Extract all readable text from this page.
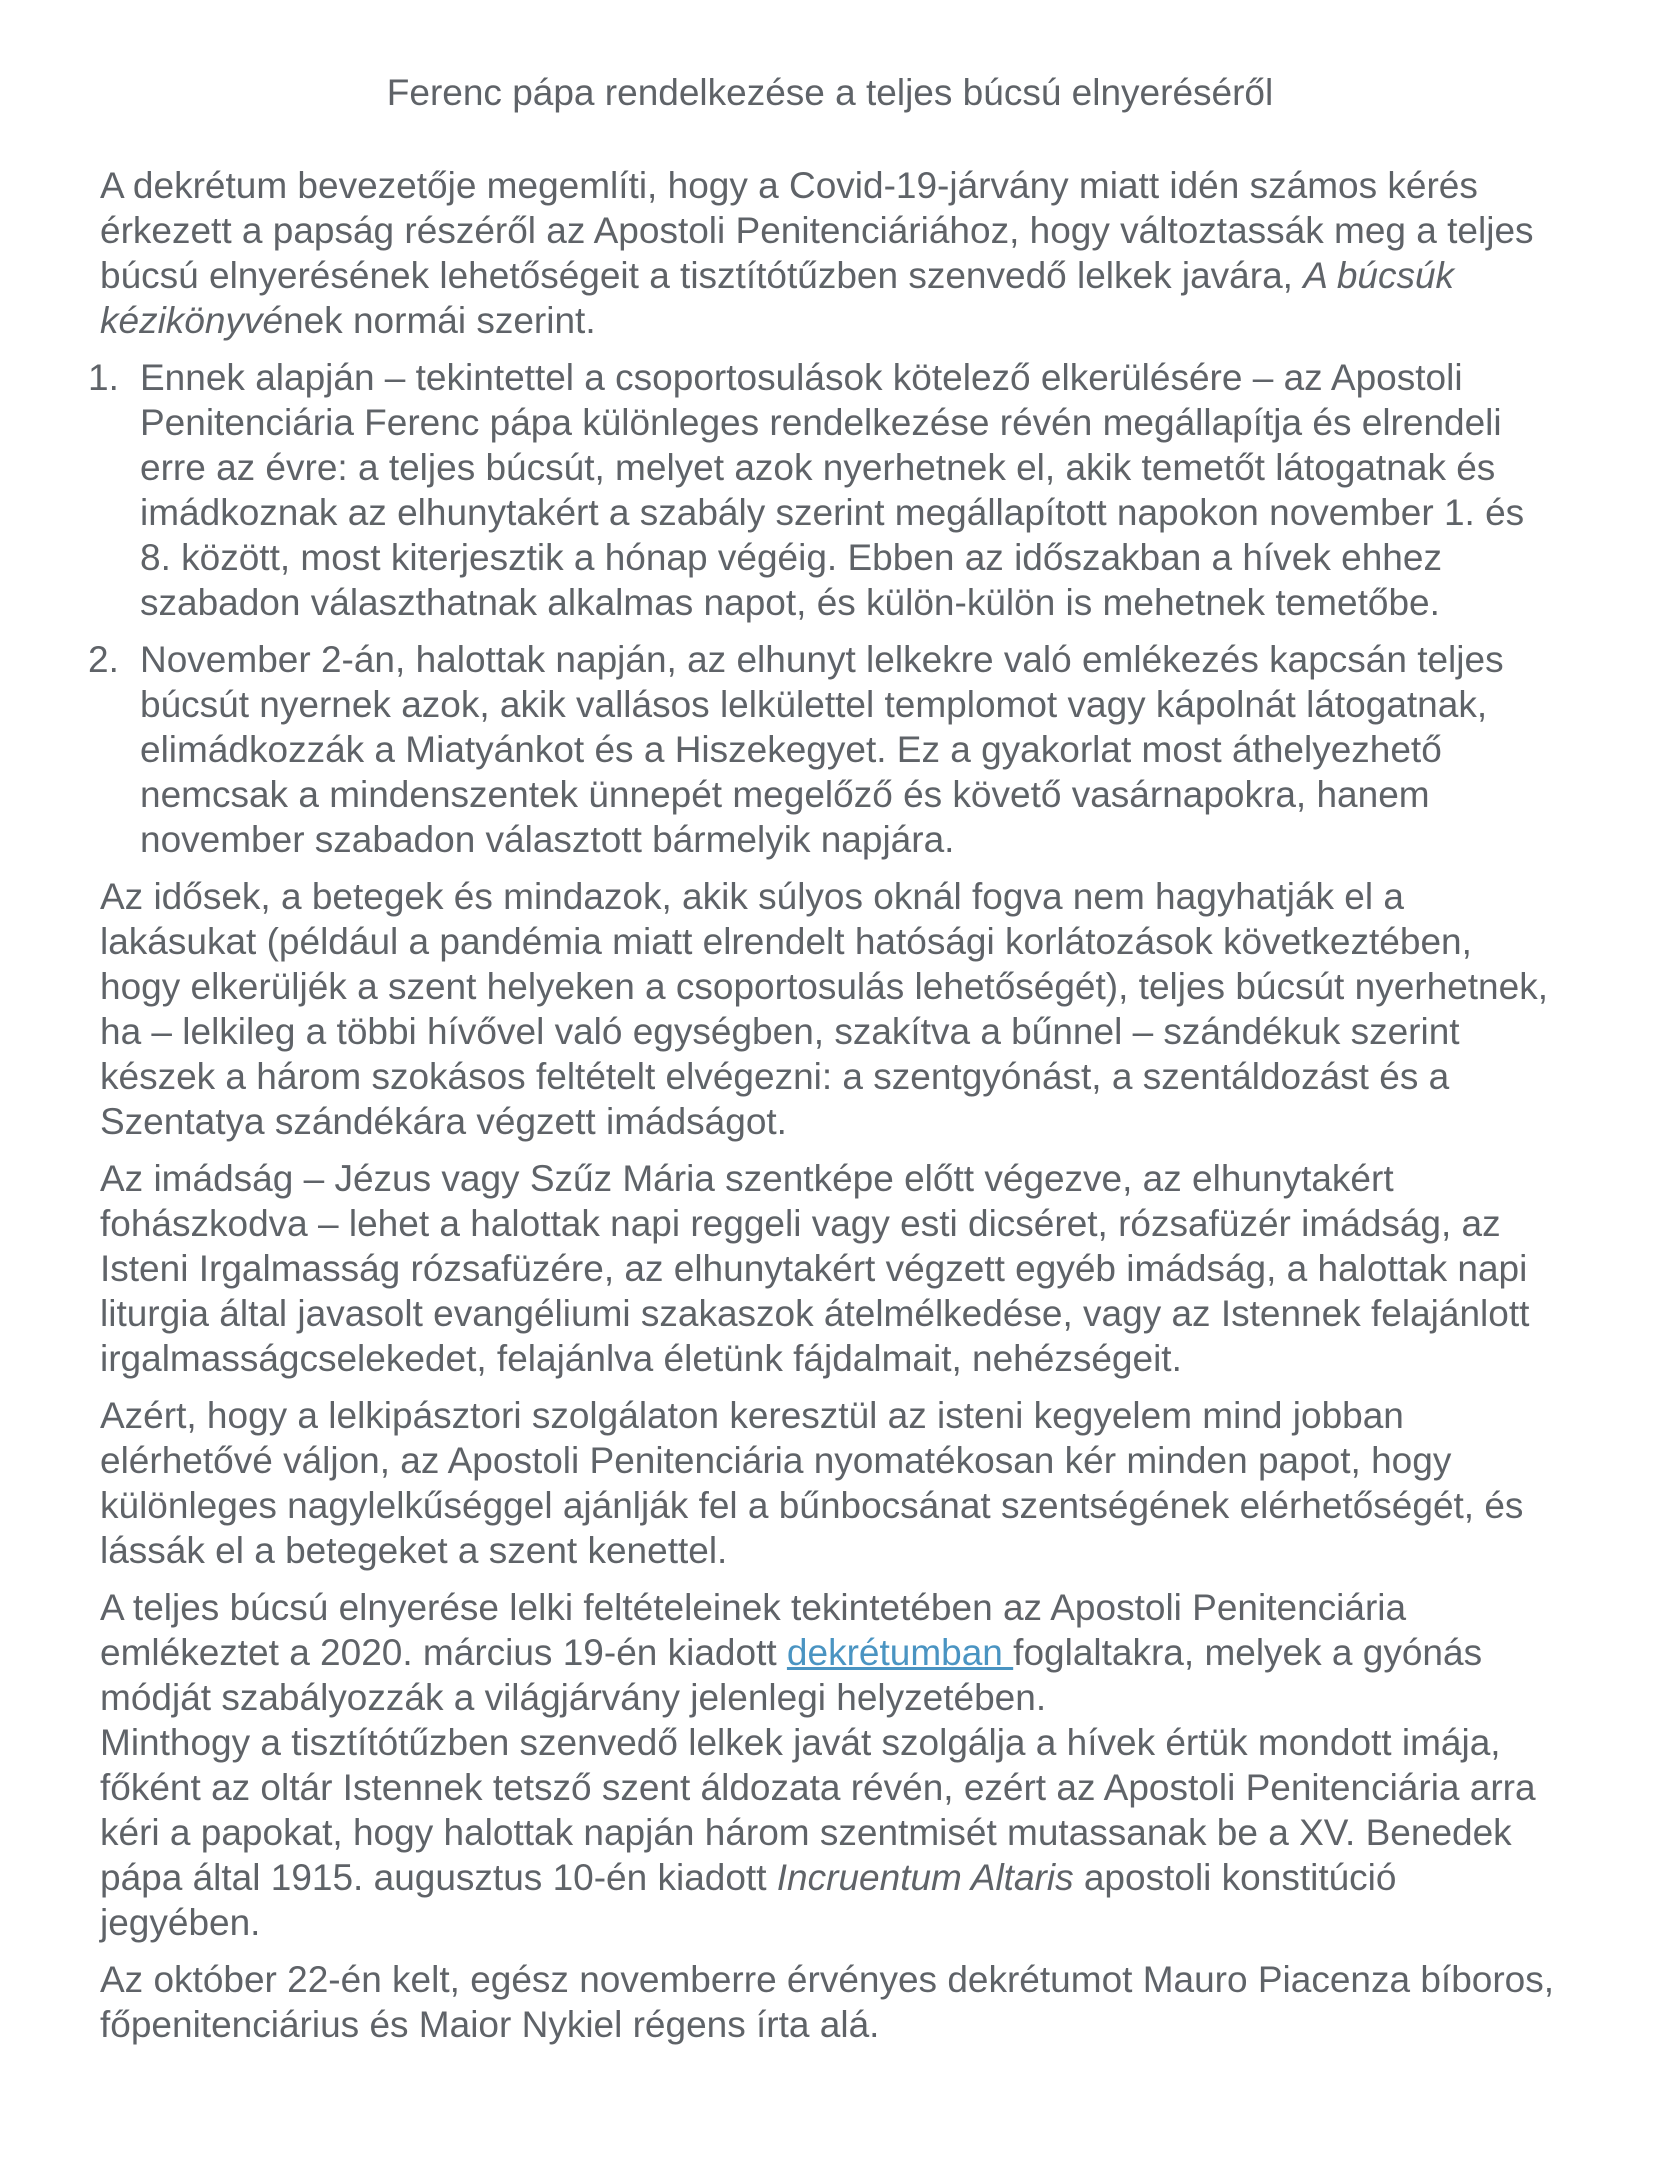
Ferenc pápa rendelkezése a teljes búcsú elnyeréséről
A dekrétum bevezetője megemlíti, hogy a Covid-19-járvány miatt idén számos kérés érkezett a papság részéről az Apostoli Penitenciáriához, hogy változtassák meg a teljes búcsú elnyerésének lehetőségeit a tisztítótűzben szenvedő lelkek javára, A búcsúk kézikönyvének normái szerint.
1. Ennek alapján – tekintettel a csoportosulások kötelező elkerülésére – az Apostoli Penitenciária Ferenc pápa különleges rendelkezése révén megállapítja és elrendeli erre az évre: a teljes búcsút, melyet azok nyerhetnek el, akik temetőt látogatnak és imádkoznak az elhunytakért a szabály szerint megállapított napokon november 1. és 8. között, most kiterjesztik a hónap végéig. Ebben az időszakban a hívek ehhez szabadon választhatnak alkalmas napot, és külön-külön is mehetnek temetőbe.
2. November 2-án, halottak napján, az elhunyt lelkekre való emlékezés kapcsán teljes búcsút nyernek azok, akik vallásos lelkülettel templomot vagy kápolnát látogatnak, elimádkozzák a Miatyánkot és a Hiszekegyet. Ez a gyakorlat most áthelyezhető nemcsak a mindenszentek ünnepét megelőző és követő vasárnapokra, hanem november szabadon választott bármelyik napjára.
Az idősek, a betegek és mindazok, akik súlyos oknál fogva nem hagyhatják el a lakásukat (például a pandémia miatt elrendelt hatósági korlátozások következtében, hogy elkerüljék a szent helyeken a csoportosulás lehetőségét), teljes búcsút nyerhetnek, ha – lelkileg a többi hívővel való egységben, szakítva a bűnnel – szándékuk szerint készek a három szokásos feltételt elvégezni: a szentgyónást, a szentáldozást és a Szentatya szándékára végzett imádságot.
Az imádság – Jézus vagy Szűz Mária szentképe előtt végezve, az elhunytakért fohászkodva – lehet a halottak napi reggeli vagy esti dicséret, rózsafüzér imádság, az Isteni Irgalmasság rózsafüzére, az elhunytakért végzett egyéb imádság, a halottak napi liturgia által javasolt evangéliumi szakaszok átelmélkedése, vagy az Istennek felajánlott irgalmasságcselekedet, felajánlva életünk fájdalmait, nehézségeit.
Azért, hogy a lelkipásztori szolgálaton keresztül az isteni kegyelem mind jobban elérhetővé váljon, az Apostoli Penitenciária nyomatékosan kér minden papot, hogy különleges nagylelkűséggel ajánlják fel a bűnbocsánat szentségének elérhetőségét, és lássák el a betegeket a szent kenettel.
A teljes búcsú elnyerése lelki feltételeinek tekintetében az Apostoli Penitenciária emlékeztet a 2020. március 19-én kiadott dekrétumban foglaltakra, melyek a gyónás módját szabályozzák a világjárvány jelenlegi helyzetében.
Minthogy a tisztítótűzben szenvedő lelkek javát szolgálja a hívek értük mondott imája, főként az oltár Istennek tetsző szent áldozata révén, ezért az Apostoli Penitenciária arra kéri a papokat, hogy halottak napján három szentmisét mutassanak be a XV. Benedek pápa által 1915. augusztus 10-én kiadott Incruentum Altaris apostoli konstitúció jegyében.
Az október 22-én kelt, egész novemberre érvényes dekrétumot Mauro Piacenza bíboros, főpenitenciárius és Maior Nykiel régens írta alá.
